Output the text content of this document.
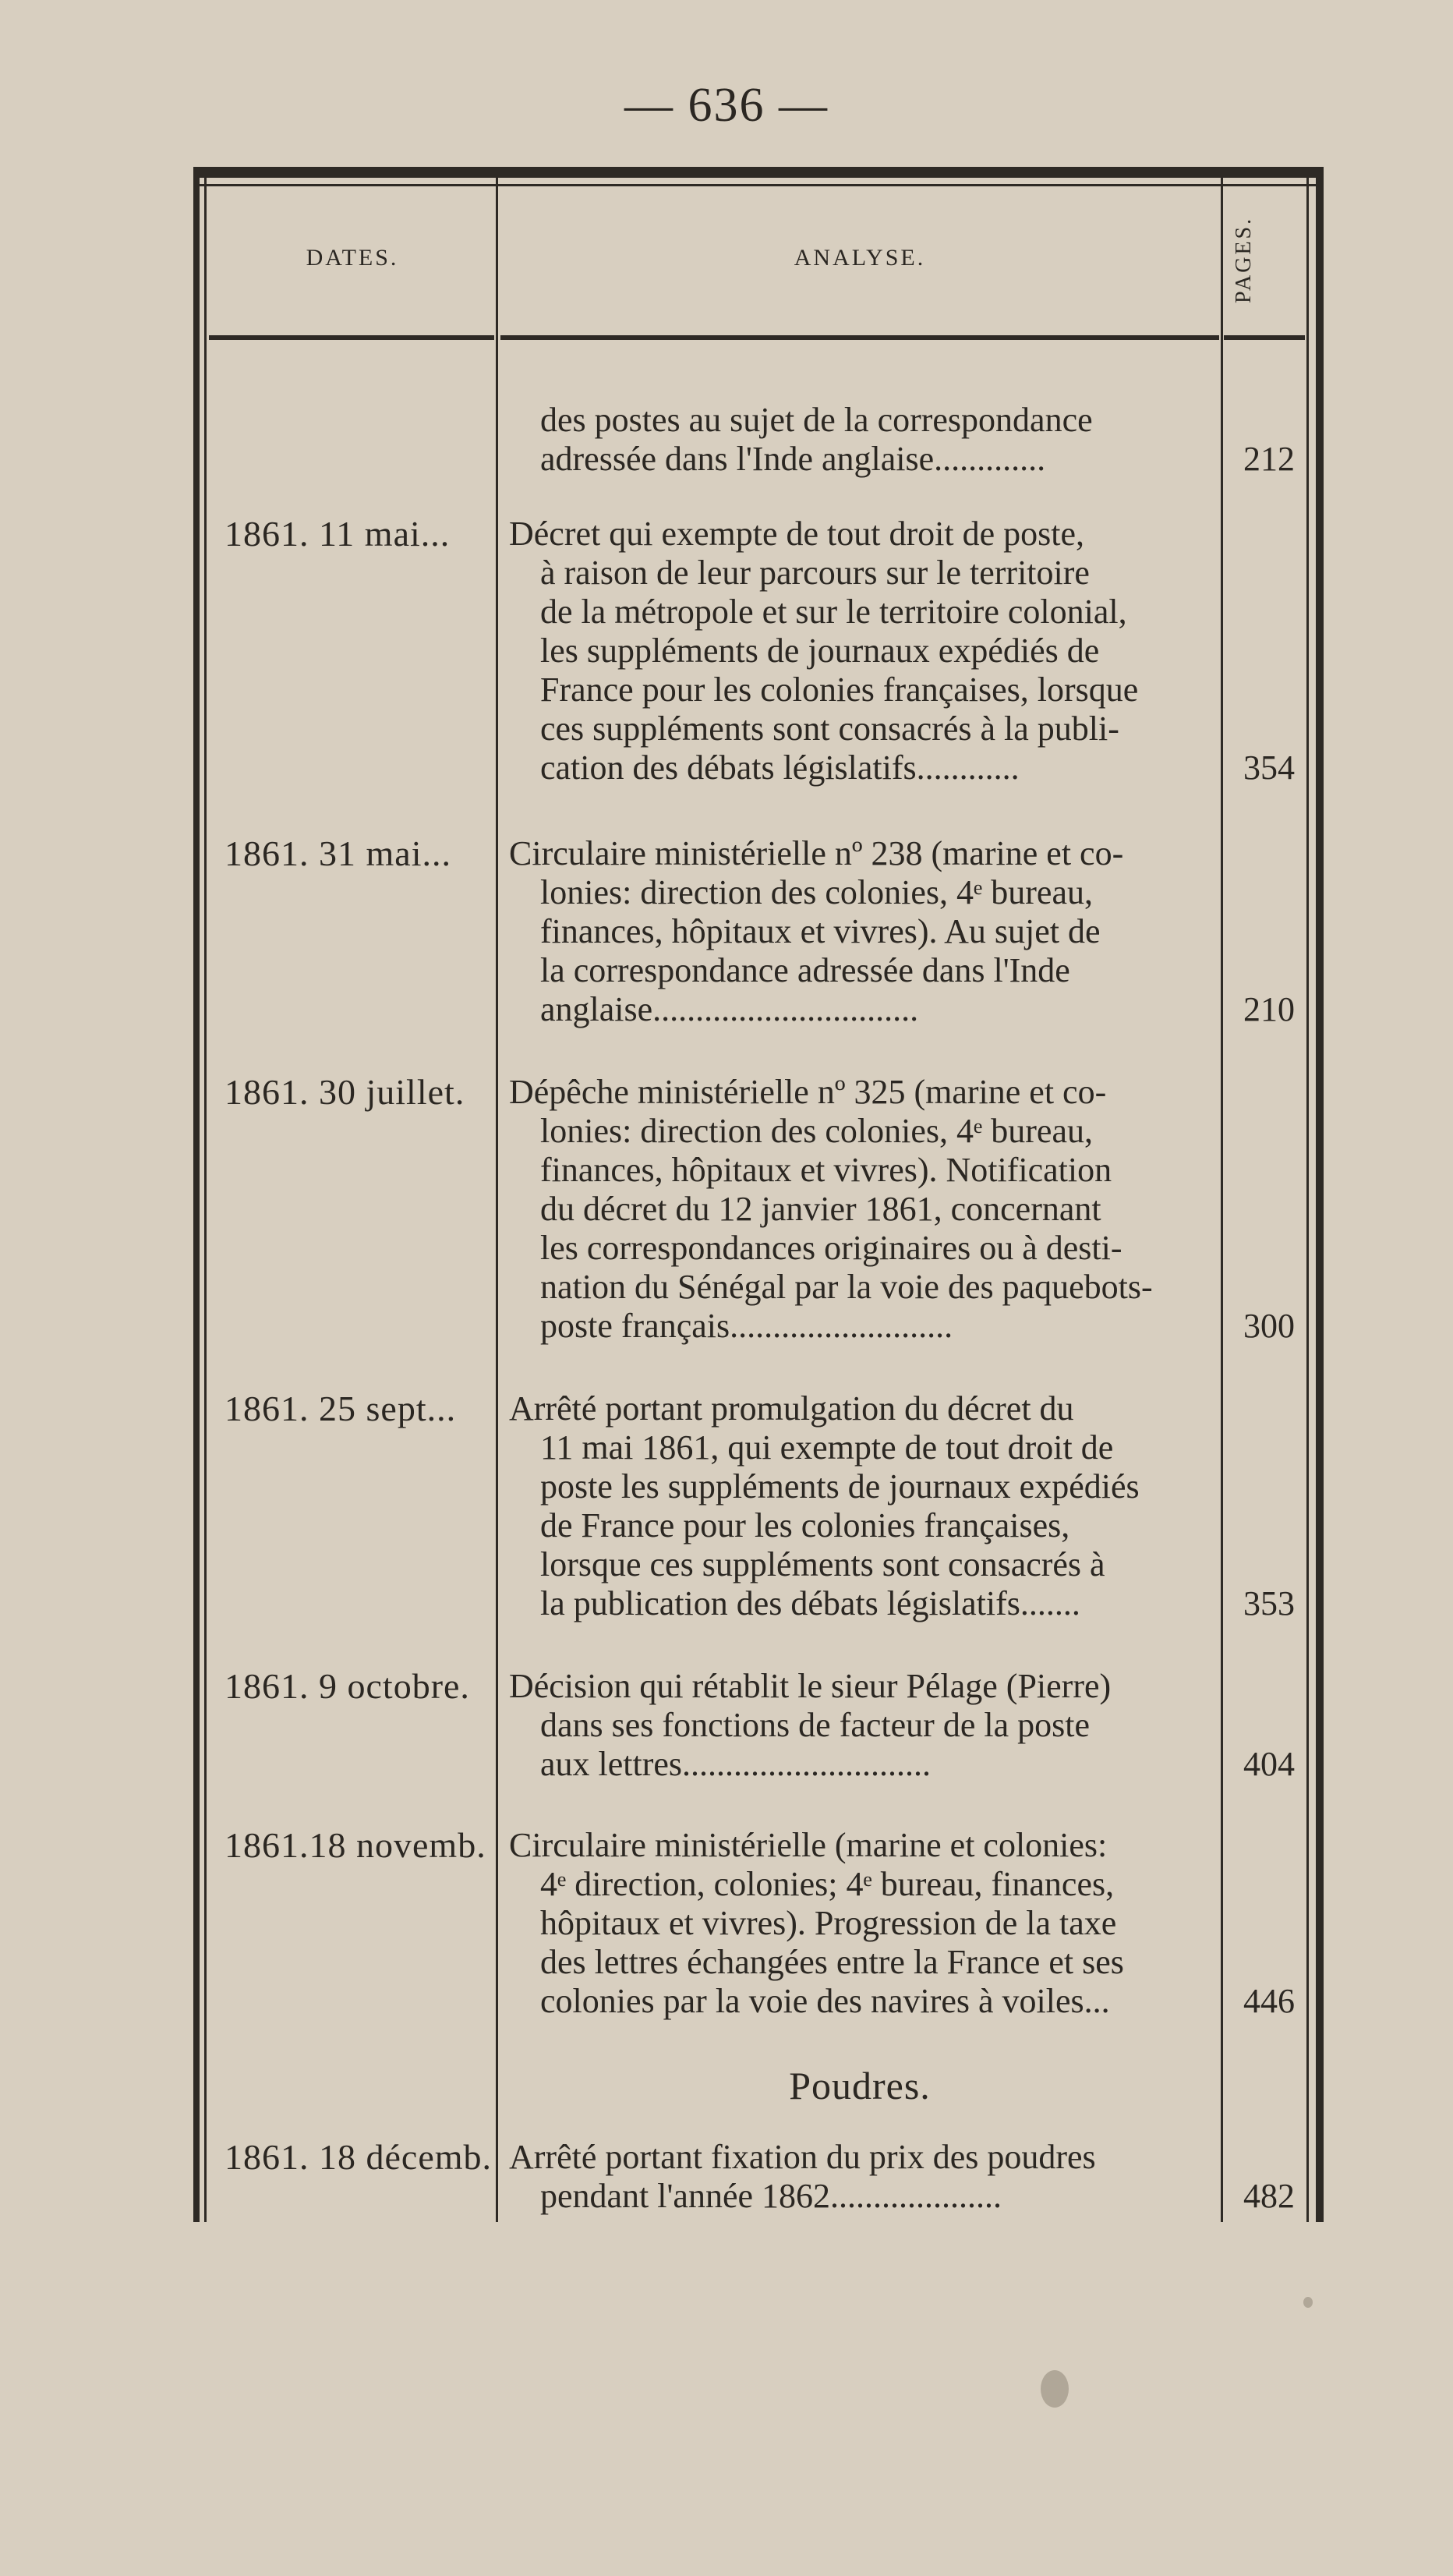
— 636 —
DATES.	ANALYSE.	PAGES.
des postes au sujet de la correspondance
adressée dans l'Inde anglaise.............	212
1861. 11 mai...	Décret qui exempte de tout droit de poste,
à raison de leur parcours sur le territoire
de la métropole et sur le territoire colonial,
les suppléments de journaux expédiés de
France pour les colonies françaises, lorsque
ces suppléments sont consacrés à la publi-
cation des débats législatifs............	354
1861. 31 mai...	Circulaire ministérielle nº 238 (marine et co-
lonies: direction des colonies, 4ᵉ bureau,
finances, hôpitaux et vivres). Au sujet de
la correspondance adressée dans l'Inde
anglaise...............................	210
1861. 30 juillet.	Dépêche ministérielle nº 325 (marine et co-
lonies: direction des colonies, 4ᵉ bureau,
finances, hôpitaux et vivres). Notification
du décret du 12 janvier 1861, concernant
les correspondances originaires ou à desti-
nation du Sénégal par la voie des paquebots-
poste français..........................	300
1861. 25 sept...	Arrêté portant promulgation du décret du
11 mai 1861, qui exempte de tout droit de
poste les suppléments de journaux expédiés
de France pour les colonies françaises,
lorsque ces suppléments sont consacrés à
la publication des débats législatifs.......	353
1861. 9 octobre.	Décision qui rétablit le sieur Pélage (Pierre)
dans ses fonctions de facteur de la poste
aux lettres.............................	404
1861.18 novemb. Circulaire ministérielle (marine et colonies:
4ᵉ direction, colonies; 4ᵉ bureau, finances,
hôpitaux et vivres). Progression de la taxe
des lettres échangées entre la France et ses
colonies par la voie des navires à voiles...	446
Poudres.
1861. 18 décemb. Arrêté portant fixation du prix des poudres
pendant l'année 1862....................	482
